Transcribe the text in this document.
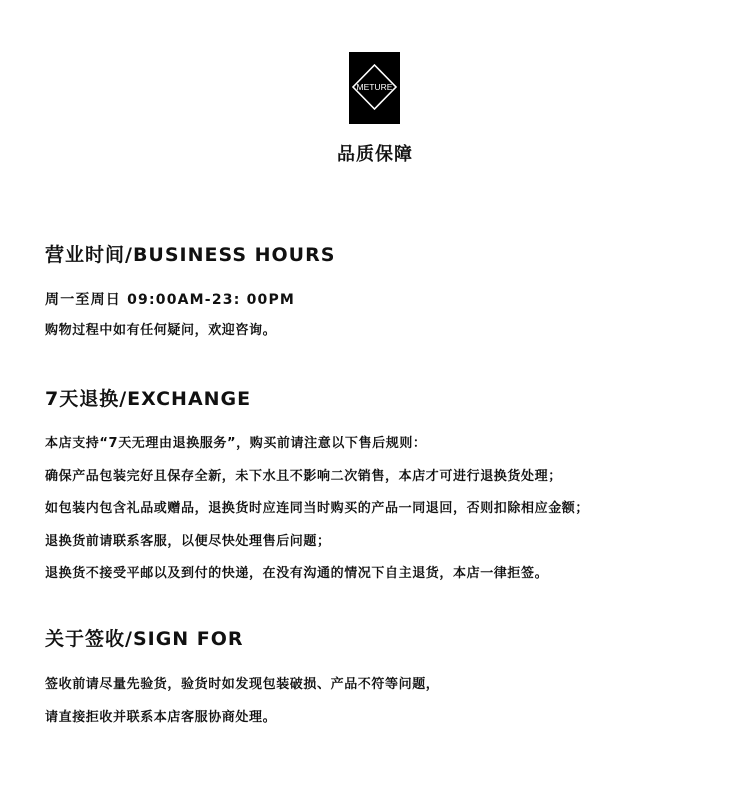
METURE
品质保障
营业时间/BUSINESS HOURS
周一至周日 09:00AM-23: 00PM
购物过程中如有任何疑问，欢迎咨询。
7天退换/EXCHANGE
本店支持“7天无理由退换服务”，购买前请注意以下售后规则：
确保产品包装完好且保存全新，未下水且不影响二次销售，本店才可进行退换货处理；
如包装内包含礼品或赠品，退换货时应连同当时购买的产品一同退回，否则扣除相应金额；
退换货前请联系客服，以便尽快处理售后问题；
退换货不接受平邮以及到付的快递，在没有沟通的情况下自主退货，本店一律拒签。
关于签收/SIGN FOR
签收前请尽量先验货，验货时如发现包装破损、产品不符等问题，
请直接拒收并联系本店客服协商处理。
